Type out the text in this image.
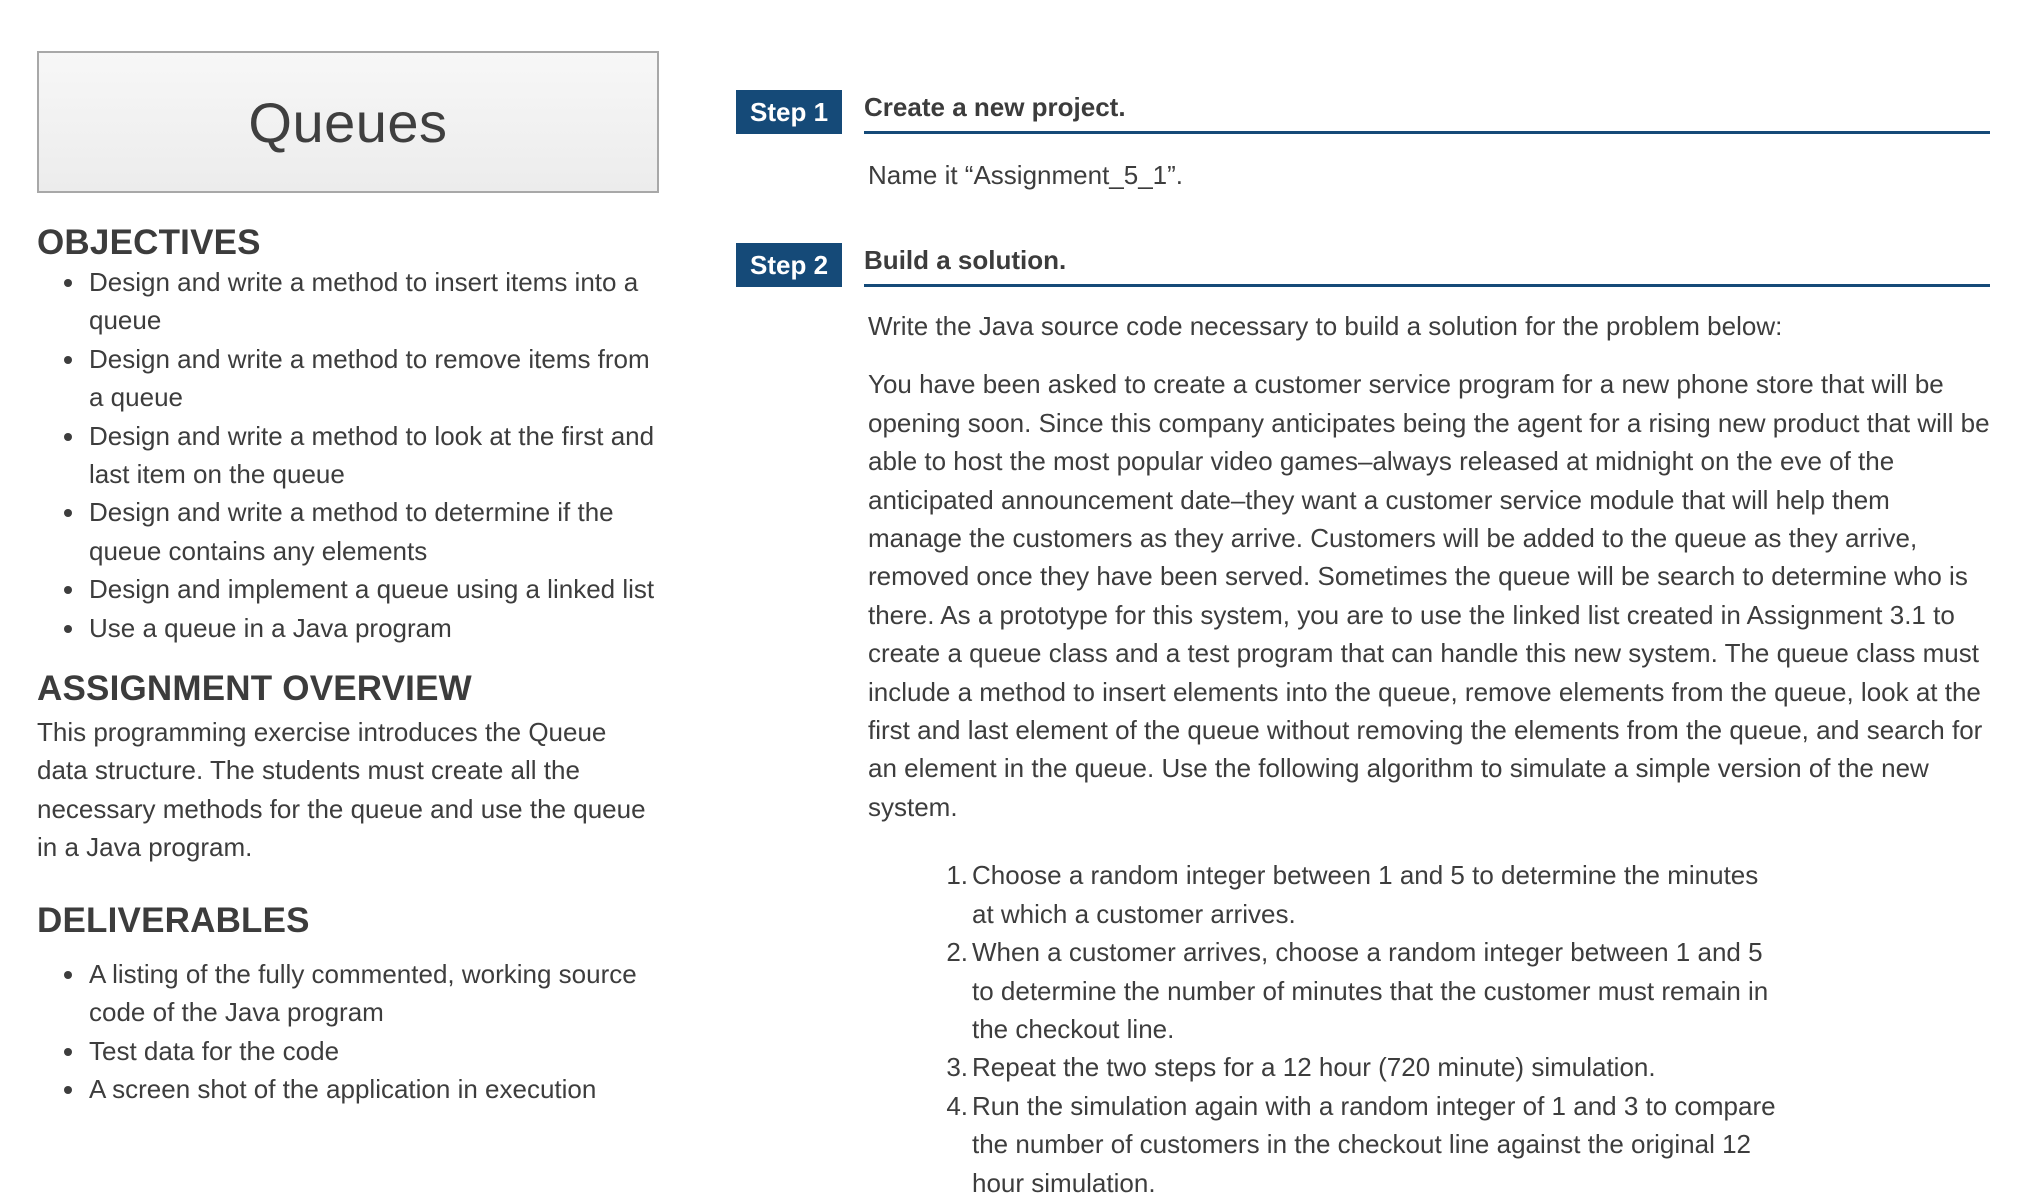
Queues
OBJECTIVES
• Design and write a method to insert items into a queue
• Design and write a method to remove items from a queue
• Design and write a method to look at the first and last item on the queue
• Design and write a method to determine if the queue contains any elements
• Design and implement a queue using a linked list
• Use a queue in a Java program
ASSIGNMENT OVERVIEW

This programming exercise introduces the Queue data structure. The students must create all the necessary methods for the queue and use the queue in a Java program.

DELIVERABLES
• A listing of the fully commented, working source code of the Java program
• Test data for the code
• A screen shot of the application in execution
Step 1	Create a new project.
Name it “Assignment_5_1”.
Step 2	Build a solution.

Write the Java source code necessary to build a solution for the problem below:

You have been asked to create a customer service program for a new phone store that will be opening soon. Since this company anticipates being the agent for a rising new product that will be able to host the most popular video games–always released at midnight on the eve of the anticipated announcement date–they want a customer service module that will help them manage the customers as they arrive. Customers will be added to the queue as they arrive, removed once they have been served. Sometimes the queue will be search to determine who is there. As a prototype for this system, you are to use the linked list created in Assignment 3.1 to create a queue class and a test program that can handle this new system. The queue class must include a method to insert elements into the queue, remove elements from the queue, look at the first and last element of the queue without removing the elements from the queue, and search for an element in the queue. Use the following algorithm to simulate a simple version of the new system.

1. Choose a random integer between 1 and 5 to determine the minutes at which a customer arrives.
2. When a customer arrives, choose a random integer between 1 and 5 to determine the number of minutes that the customer must remain in the checkout line.
3. Repeat the two steps for a 12 hour (720 minute) simulation.
4. Run the simulation again with a random integer of 1 and 3 to compare the number of customers in the checkout line against the original 12 hour simulation.
